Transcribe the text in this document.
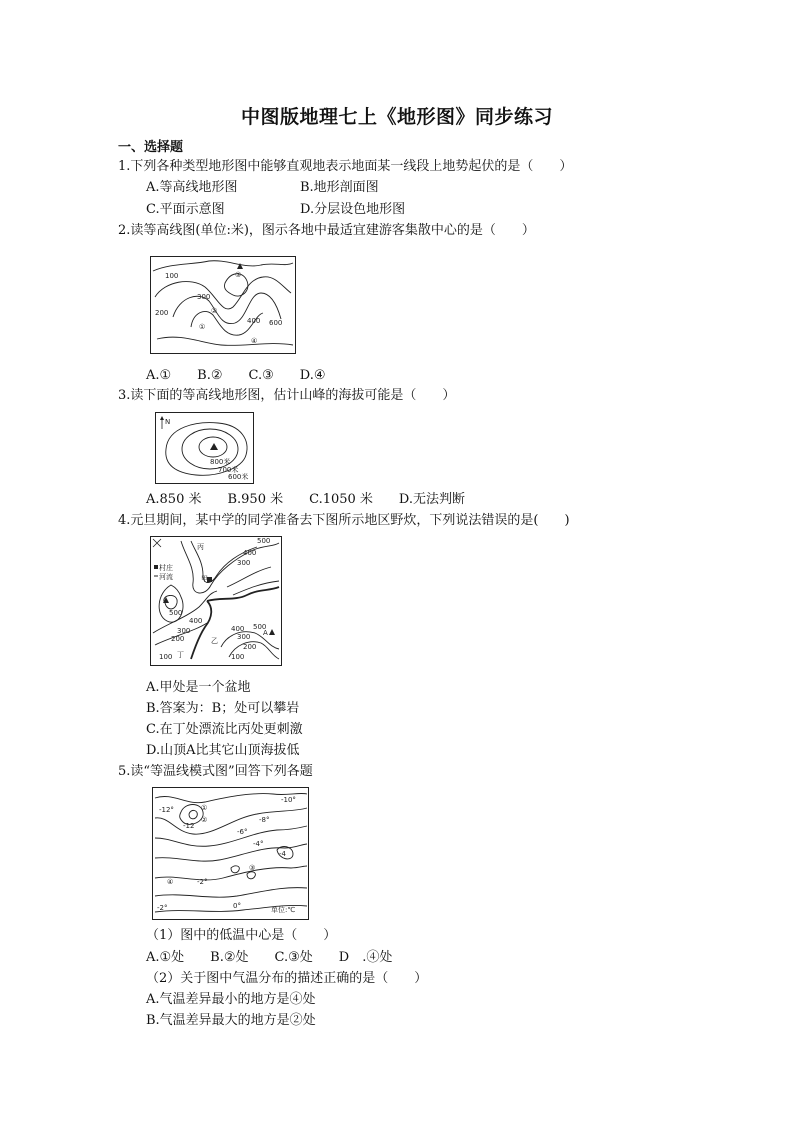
中图版地理七上《地形图》同步练习
一、选择题
1.下列各种类型地形图中能够直观地表示地面某一线段上地势起伏的是（　　）
A.等高线地形图	B.地形剖面图
C.平面示意图	D.分层设色地形图
2.读等高线图(单位:米)，图示各地中最适宜建游客集散中心的是（　　）
100
200
300
400 600
③
②
①
④
A.①　　B.②　　C.③　　D.④
3.读下面的等高线地形图，估计山峰的海拔可能是（　　）
N
800米
700米
600米
A.850 米　　B.950 米　　C.1050 米　　D.无法判断
4.元旦期间，某中学的同学准备去下图所示地区野炊，下列说法错误的是(　　)
村庄
河流
丙
甲
500
400
300
500
400
300
200
100	100
200
300
400 500
A
丁
乙
A.甲处是一个盆地
B.答案为：B；处可以攀岩
C.在丁处漂流比丙处更刺激
D.山顶A比其它山顶海拔低
5.读“等温线模式图”回答下列各题
-10°
-12°
-12
-8°
-6°
-4°
-4
-2°
-2°	0°
①
②
③
④
单位:℃
（1）图中的低温中心是（　　）
A.①处　　B.②处　　C.③处　　D　.④处
（2）关于图中气温分布的描述正确的是（　　）
A.气温差异最小的地方是④处
B.气温差异最大的地方是②处
